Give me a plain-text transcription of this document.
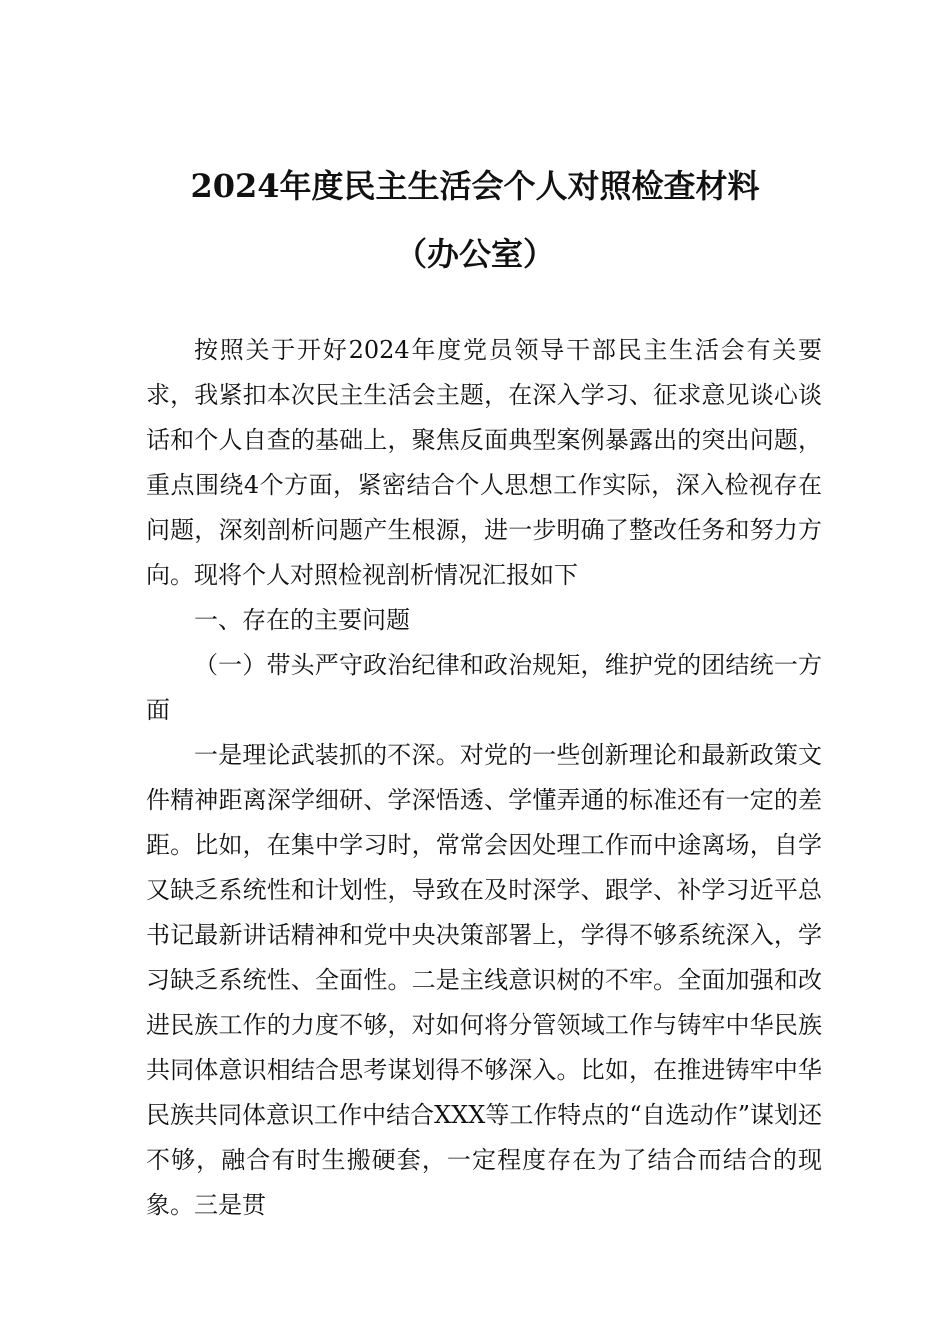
2024年度民主生活会个人对照检查材料
（办公室）

按照关于开好2024年度党员领导干部民主生活会有关要求，我紧扣本次民主生活会主题，在深入学习、征求意见谈心谈话和个人自查的基础上，聚焦反面典型案例暴露出的突出问题，重点围绕4个方面，紧密结合个人思想工作实际，深入检视存在问题，深刻剖析问题产生根源，进一步明确了整改任务和努力方向。现将个人对照检视剖析情况汇报如下

一、存在的主要问题

（一）带头严守政治纪律和政治规矩，维护党的团结统一方面

一是理论武装抓的不深。对党的一些创新理论和最新政策文件精神距离深学细研、学深悟透、学懂弄通的标准还有一定的差距。比如，在集中学习时，常常会因处理工作而中途离场，自学又缺乏系统性和计划性，导致在及时深学、跟学、补学习近平总书记最新讲话精神和党中央决策部署上，学得不够系统深入，学习缺乏系统性、全面性。二是主线意识树的不牢。全面加强和改进民族工作的力度不够，对如何将分管领域工作与铸牢中华民族共同体意识相结合思考谋划得不够深入。比如，在推进铸牢中华民族共同体意识工作中结合XXX等工作特点的“自选动作”谋划还不够，融合有时生搬硬套，一定程度存在为了结合而结合的现象。三是贯
